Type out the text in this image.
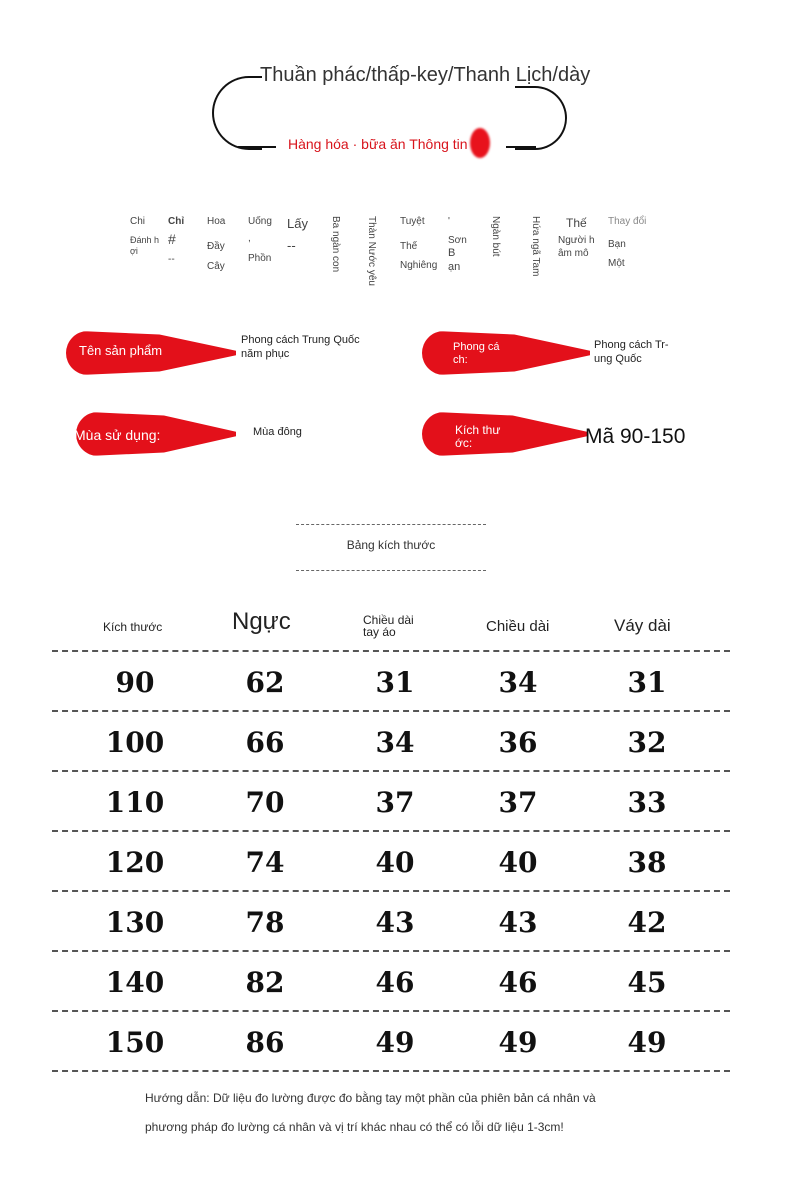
Thuần phác/thấp-key/Thanh Lịch/dày
Hàng hóa · bữa ăn Thông tin
Chi
Đánh h ợi
Chỉ
#
--
Hoa
Đầy Cây
Uống
,
Phồn
Lấy
--	Ba ngàn con	Thàn Nước yêu Tuyệt
Thế Nghiêng
'
Sơn
B ạn
Ngàn bút	Hứa ngã Tam	Thế
Người h âm mô
Thay đổi
Bạn Một
Tên sản phẩm
Phong cách Trung Quốc năm phục
Phong cá ch:
Phong cách Tr- ung Quốc
Mùa sử dụng:	Mùa đông	Kích thư ớc:	Mã 90-150
Bảng kích thước
Kích thước	Ngực	Chiều dài tay áo	Chiều dài	Váy dài
90	62	31	34	31
100	66	34	36	32
110	70	37	37	33
120	74	40	40	38
130	78	43	43	42
140	82	46	46	45
150	86	49	49	49
Hướng dẫn: Dữ liệu đo lường được đo bằng tay một phần của phiên bản cá nhân và
phương pháp đo lường cá nhân và vị trí khác nhau có thể có lỗi dữ liệu 1-3cm!
